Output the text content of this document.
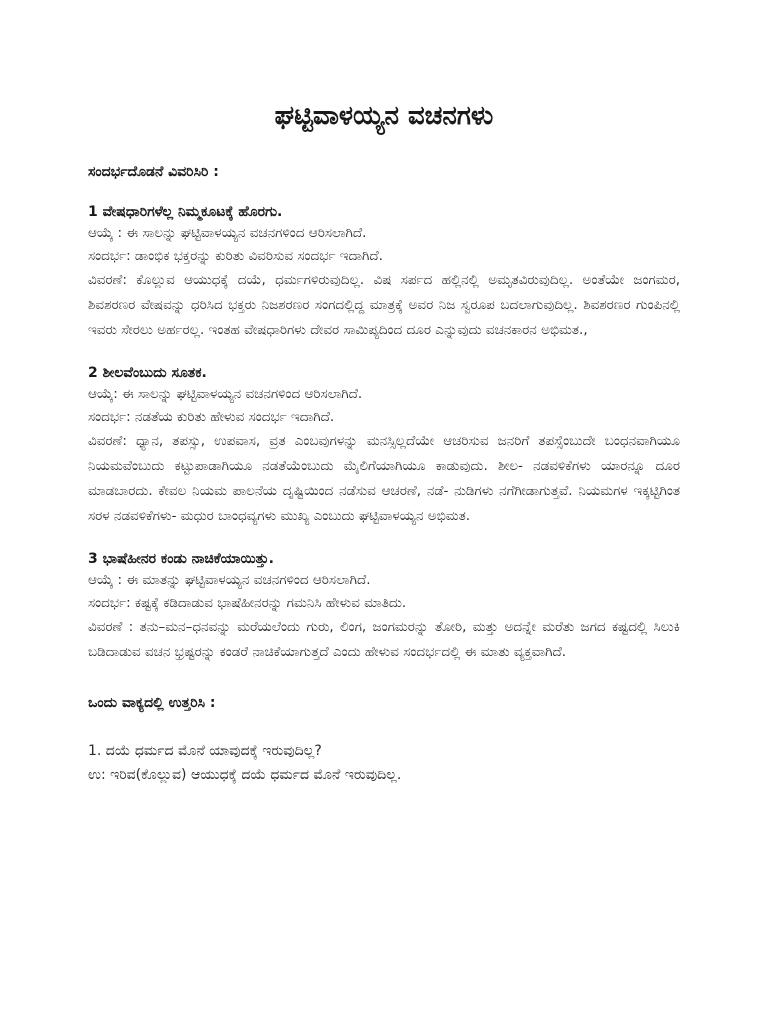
ಘಟ್ಟಿವಾಳಯ್ಯನ ವಚನಗಳು
ಸಂದರ್ಭದೊಡನೆ ವಿವರಿಸಿರಿ :
1 ವೇಷಧಾರಿಗಳೆಲ್ಲ ನಿಮ್ಮಕೂಟಕ್ಕೆ ಹೊರಗು.
ಆಯ್ಕೆ : ಈ ಸಾಲನ್ನು ಘಟ್ಟಿವಾಳಯ್ಯನ ವಚನಗಳಿಂದ ಆರಿಸಲಾಗಿದೆ.
ಸಂದರ್ಭ: ಡಾಂಭಿಕ ಭಕ್ತರನ್ನು ಕುರಿತು ವಿವರಿಸುವ ಸಂದರ್ಭ ಇದಾಗಿದೆ.
ವಿವರಣೆ: ಕೊಲ್ಲುವ ಆಯುಧಕ್ಕೆ ದಯೆ, ಧರ್ಮಗಳಿರುವುದಿಲ್ಲ. ವಿಷ ಸರ್ಪದ ಹಲ್ಲಿನಲ್ಲಿ ಅಮೃತವಿರುವುದಿಲ್ಲ. ಅಂತೆಯೇ ಜಂಗಮರ, ಶಿವಶರಣರ ವೇಷವನ್ನು ಧರಿಸಿದ ಭಕ್ತರು ನಿಜಶರಣರ ಸಂಗದಲ್ಲಿದ್ದ ಮಾತ್ರಕ್ಕೆ ಅವರ ನಿಜ ಸ್ವರೂಪ ಬದಲಾಗುವುದಿಲ್ಲ. ಶಿವಶರಣರ ಗುಂಪಿನಲ್ಲಿ ಇವರು ಸೇರಲು ಅರ್ಹರಲ್ಲ. ಇಂತಹ ವೇಷಧಾರಿಗಳು ದೇವರ ಸಾಮಿಪ್ಯದಿಂದ ದೂರ ಎನ್ನುವುದು ವಚನಕಾರನ ಅಭಿಮತ.,
2 ಶೀಲವೆಂಬುದು ಸೂತಕ.
ಆಯ್ಕೆ: ಈ ಸಾಲನ್ನು ಘಟ್ಟಿವಾಳಯ್ಯನ ವಚನಗಳಿಂದ ಆರಿಸಲಾಗಿದೆ.
ಸಂದರ್ಭ: ನಡತೆಯ ಕುರಿತು ಹೇಳುವ ಸಂದರ್ಭ ಇದಾಗಿದೆ.
ವಿವರಣೆ: ಧ್ಯಾನ, ತಪಸ್ಸು, ಉಪವಾಸ, ವ್ರತ ಎಂಬವುಗಳನ್ನು ಮನಸ್ಸಿಲ್ಲದೆಯೇ ಆಚರಿಸುವ ಜನರಿಗೆ ತಪಸ್ಸೆಂಬುದೇ ಬಂಧನವಾಗಿಯೂ ನಿಯಮವೆಂಬುದು ಕಟ್ಟುಪಾಡಾಗಿಯೂ ನಡತೆಯೆಂಬುದು ಮೈಲಿಗೆಯಾಗಿಯೂ ಕಾಡುವುದು. ಶೀಲ- ನಡವಳಿಕೆಗಳು ಯಾರನ್ನೂ ದೂರ ಮಾಡಬಾರದು. ಕೇವಲ ನಿಯಮ ಪಾಲನೆಯ ದೃಷ್ಟಿಯಿಂದ ನಡೆಸುವ ಆಚರಣೆ, ನಡೆ- ನುಡಿಗಳು ನಗೆಗೀಡಾಗುತ್ತವೆ. ನಿಯಮಗಳ ಇಕ್ಕಟ್ಟಿಗಿಂತ ಸರಳ ನಡವಳಿಕೆಗಳು- ಮಧುರ ಬಾಂಧವ್ಯಗಳು ಮುಖ್ಯ ಎಂಬುದು ಘಟ್ಟಿವಾಳಯ್ಯನ ಅಭಿಮತ.
3 ಭಾಷೆಹೀನರ ಕಂಡು ನಾಚಿಕೆಯಾಯಿತ್ತು.
ಆಯ್ಕೆ : ಈ ಮಾತನ್ನು ಘಟ್ಟಿವಾಳಯ್ಯನ ವಚನಗಳಿಂದ ಆರಿಸಲಾಗಿದೆ.
ಸಂದರ್ಭ: ಕಷ್ಟಕ್ಕೆ ಕಡಿದಾಡುವ ಭಾಷೆಹೀನರನ್ನು ಗಮನಿಸಿ ಹೇಳುವ ಮಾತಿದು.
ವಿವರಣೆ : ತನು–ಮನ–ಧನವನ್ನು ಮರೆಯಲೆಂದು ಗುರು, ಲಿಂಗ, ಜಂಗಮರನ್ನು ತೋರಿ, ಮತ್ತು ಅದನ್ನೇ ಮರೆತು ಜಗದ ಕಷ್ಟದಲ್ಲಿ ಸಿಲುಕಿ ಬಡಿದಾಡುವ ವಚನ ಭ್ರಷ್ಟರನ್ನು ಕಂಡರೆ ನಾಚಿಕೆಯಾಗುತ್ತದೆ ಎಂದು ಹೇಳುವ ಸಂದರ್ಭದಲ್ಲಿ ಈ ಮಾತು ವ್ಯಕ್ತವಾಗಿದೆ.
ಒಂದು ವಾಕ್ಯದಲ್ಲಿ ಉತ್ತರಿಸಿ :
1. ದಯೆ ಧರ್ಮದ ಮೊನೆ ಯಾವುದಕ್ಕೆ ಇರುವುದಿಲ್ಲ?
ಉ: ಇರಿವ(ಕೊಲ್ಲುವ) ಆಯುಧಕ್ಕೆ ದಯೆ ಧರ್ಮದ ಮೊನೆ ಇರುವುದಿಲ್ಲ.
